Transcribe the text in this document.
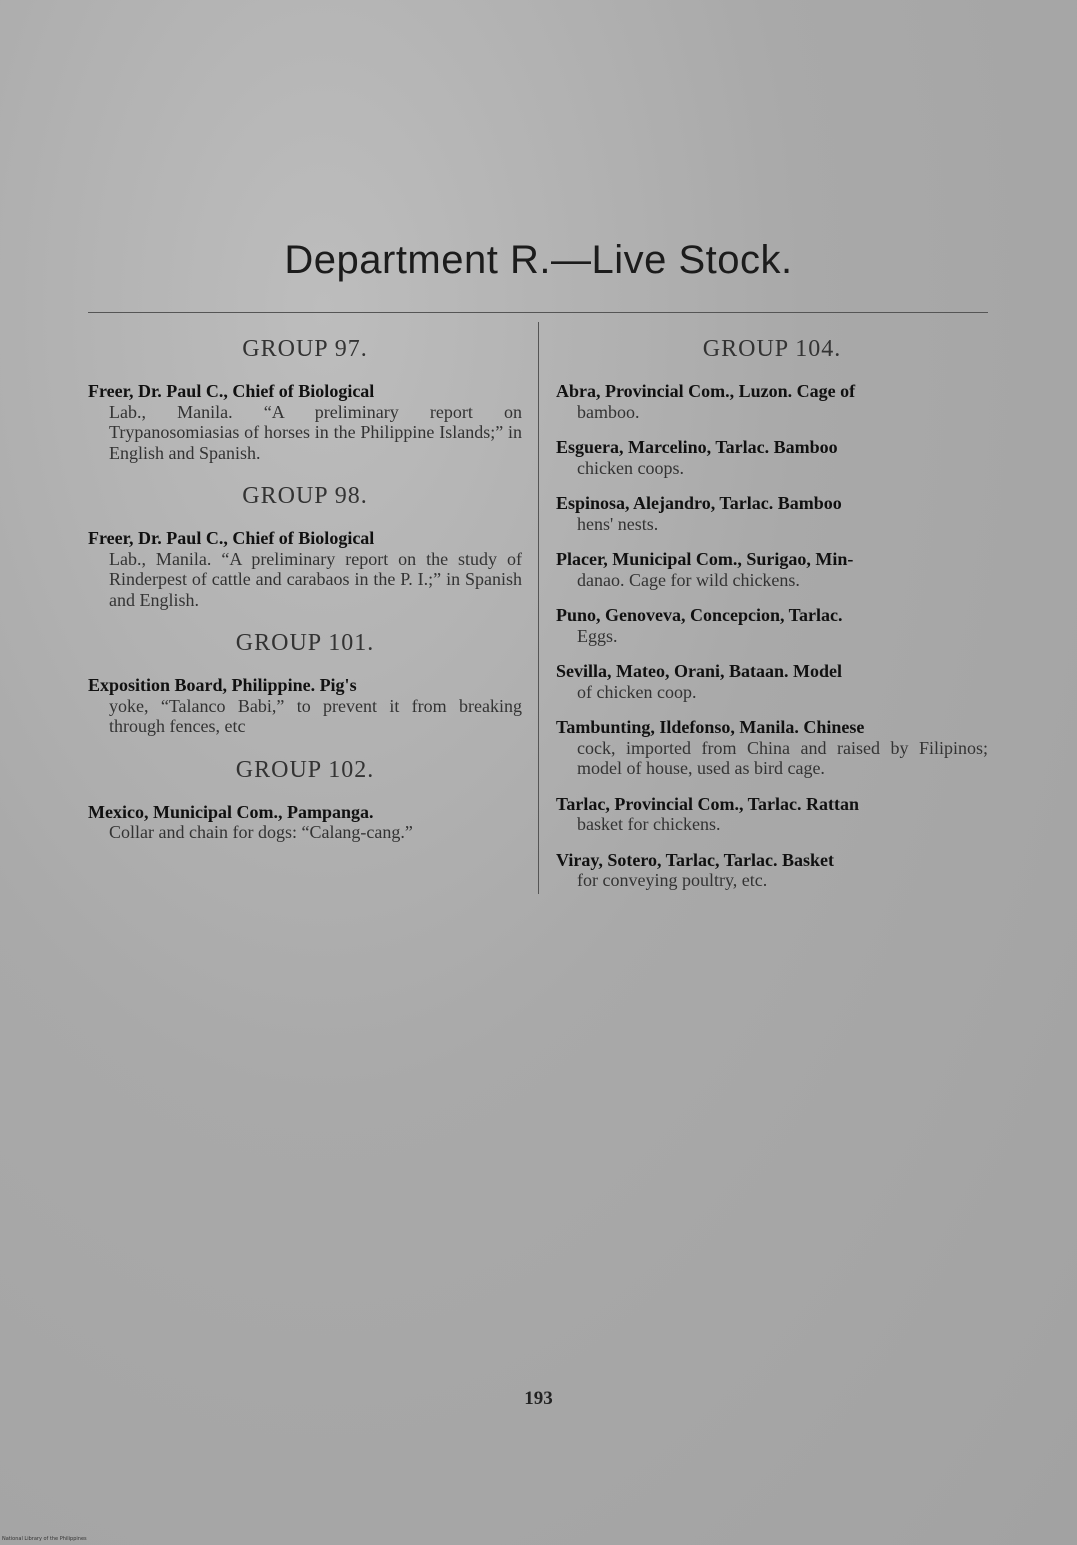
Department R.—Live Stock.
GROUP 97.
Freer, Dr. Paul C., Chief of Biological
Lab., Manila. “A preliminary report on Trypanosomiasias of horses in the Philippine Islands;” in English and Spanish.
GROUP 98.
Freer, Dr. Paul C., Chief of Biological
Lab., Manila. “A preliminary report on the study of Rinderpest of cattle and carabaos in the P. I.;” in Spanish and English.
GROUP 101.
Exposition Board, Philippine. Pig's
yoke, “Talanco Babi,” to prevent it from breaking through fences, etc
GROUP 102.
Mexico, Municipal Com., Pampanga.
Collar and chain for dogs: “Calang-cang.”
GROUP 104.
Abra, Provincial Com., Luzon. Cage of
bamboo.
Esguera, Marcelino, Tarlac. Bamboo
chicken coops.
Espinosa, Alejandro, Tarlac. Bamboo
hens' nests.
Placer, Municipal Com., Surigao, Min-
danao. Cage for wild chickens.
Puno, Genoveva, Concepcion, Tarlac.
Eggs.
Sevilla, Mateo, Orani, Bataan. Model
of chicken coop.
Tambunting, Ildefonso, Manila. Chinese
cock, imported from China and raised by Filipinos; model of house, used as bird cage.
Tarlac, Provincial Com., Tarlac. Rattan
basket for chickens.
Viray, Sotero, Tarlac, Tarlac. Basket
for conveying poultry, etc.
193
National Library of the Philippines
